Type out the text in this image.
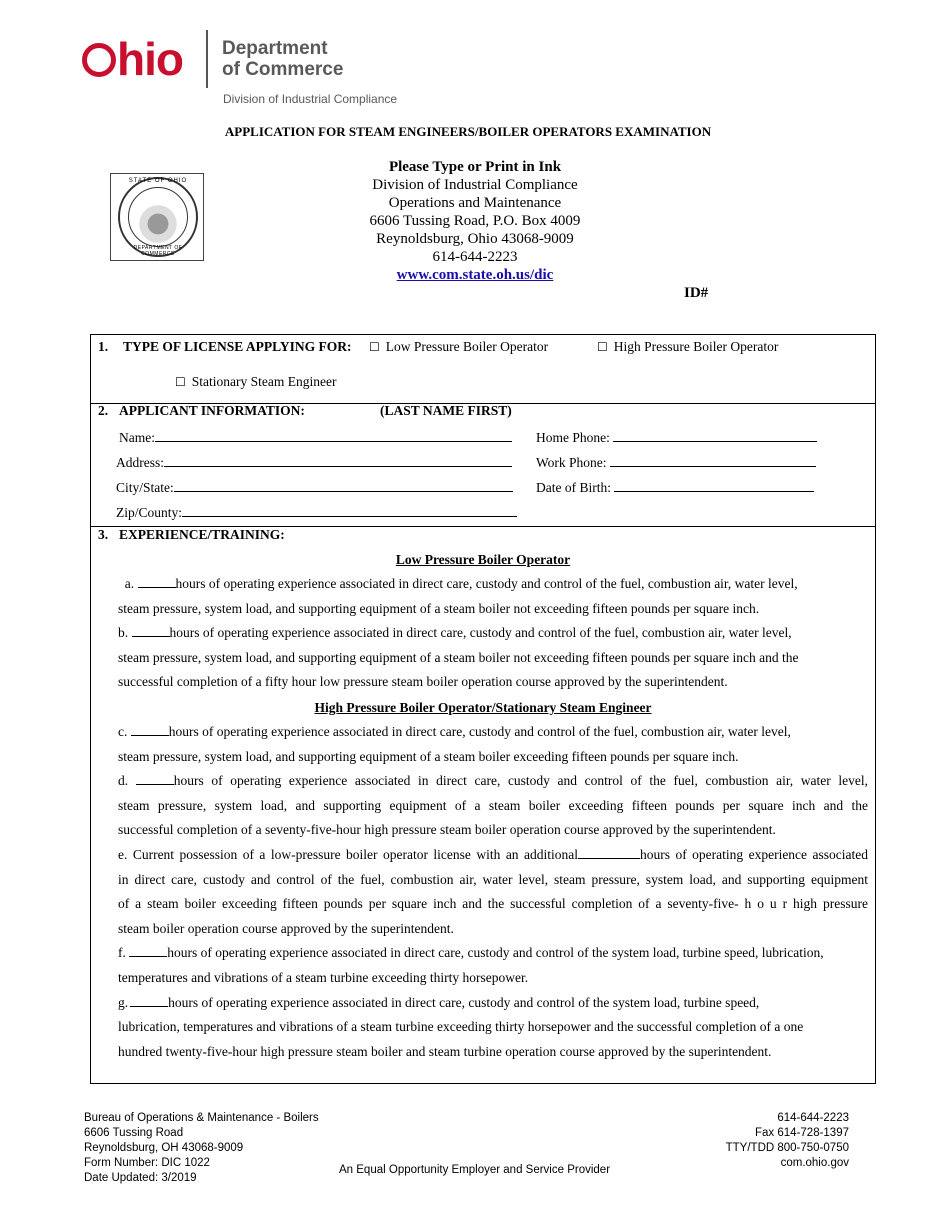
hio Department
of Commerce
Division of Industrial Compliance
APPLICATION FOR STEAM ENGINEERS/BOILER OPERATORS EXAMINATION
STATE OF OHIO
DEPARTMENT OF COMMERCE
Please Type or Print in Ink
Division of Industrial Compliance
Operations and Maintenance
6606 Tussing Road, P.O. Box 4009
Reynoldsburg, Ohio 43068-9009
614-644-2223
www.com.state.oh.us/dic
ID#
1. TYPE OF LICENSE APPLYING FOR: ☐ Low Pressure Boiler Operator	☐ High Pressure Boiler Operator
☐ Stationary Steam Engineer
2. APPLICANT INFORMATION:	(LAST NAME FIRST)
Name:
Address:
City/State:
Zip/County:
Home Phone:
Work Phone:
Date of Birth:
3. EXPERIENCE/TRAINING:
Low Pressure Boiler Operator
a.	hours of operating experience associated in direct care, custody and control of the fuel, combustion air, water level,
steam pressure, system load, and supporting equipment of a steam boiler not exceeding fifteen pounds per square inch.
b.	hours of operating experience associated in direct care, custody and control of the fuel, combustion air, water level,
steam pressure, system load, and supporting equipment of a steam boiler not exceeding fifteen pounds per square inch and the
successful completion of a fifty hour low pressure steam boiler operation course approved by the superintendent.
High Pressure Boiler Operator/Stationary Steam Engineer
c.	hours of operating experience associated in direct care, custody and control of the fuel, combustion air, water level,
steam pressure, system load, and supporting equipment of a steam boiler exceeding fifteen pounds per square inch.
d.	hours of operating experience associated in direct care, custody and control of the fuel, combustion air, water level,
steam pressure, system load, and supporting equipment of a steam boiler exceeding fifteen pounds per square inch and the
successful completion of a seventy-five-hour high pressure steam boiler operation course approved by the superintendent.
e. Current possession of a low-pressure boiler operator license with an additional	hours of operating experience associated
in direct care, custody and control of the fuel, combustion air, water level, steam pressure, system load, and supporting equipment
of a steam boiler exceeding fifteen pounds per square inch and the successful completion of a seventy-five- h o u r high pressure
steam boiler operation course approved by the superintendent.
f.	hours of operating experience associated in direct care, custody and control of the system load, turbine speed, lubrication,
temperatures and vibrations of a steam turbine exceeding thirty horsepower.
g.	hours of operating experience associated in direct care, custody and control of the system load, turbine speed,
lubrication, temperatures and vibrations of a steam turbine exceeding thirty horsepower and the successful completion of a one
hundred twenty-five-hour high pressure steam boiler and steam turbine operation course approved by the superintendent.
Bureau of Operations & Maintenance - Boilers
6606 Tussing Road
Reynoldsburg, OH 43068-9009
Form Number: DIC 1022
Date Updated: 3/2019
An Equal Opportunity Employer and Service Provider
614-644-2223
Fax 614-728-1397
TTY/TDD 800-750-0750
com.ohio.gov
